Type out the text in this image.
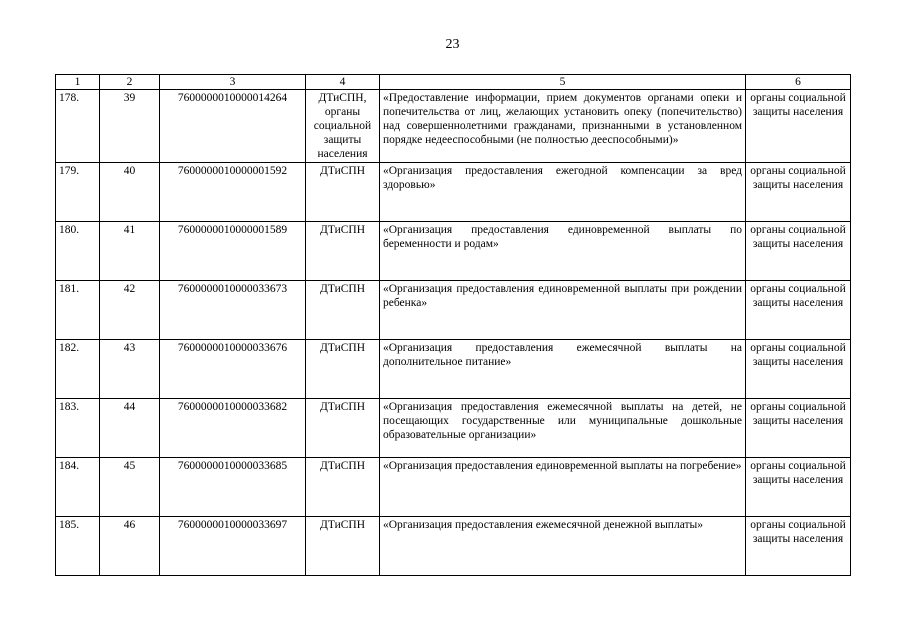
23
1	2	3	4	5	6
178.	39	7600000010000014264	ДТиСПН, органы социальной защиты населения	«Предоставление информации, прием документов органами опеки и попечительства от лиц, желающих установить опеку (попечительство) над совершеннолетними гражданами, признанными в установленном порядке недееспособными (не полностью дееспособными)»	органы социальной защиты населения
179.	40	7600000010000001592	ДТиСПН	«Организация предоставления ежегодной компенсации за вред здоровью»	органы социальной защиты населения
180.	41	7600000010000001589	ДТиСПН	«Организация предоставления единовременной выплаты по беременности и родам»	органы социальной защиты населения
181.	42	7600000010000033673	ДТиСПН	«Организация предоставления единовременной выплаты при рождении ребенка»	органы социальной защиты населения
182.	43	7600000010000033676	ДТиСПН	«Организация предоставления ежемесячной выплаты на дополнительное питание»	органы социальной защиты населения
183.	44	7600000010000033682	ДТиСПН	«Организация предоставления ежемесячной выплаты на детей, не посещающих государственные или муниципальные дошкольные образовательные организации»	органы социальной защиты населения
184.	45	7600000010000033685	ДТиСПН	«Организация предоставления единовременной выплаты на погребение»	органы социальной защиты населения
185.	46	7600000010000033697	ДТиСПН	«Организация предоставления ежемесячной денежной выплаты»	органы социальной защиты населения
